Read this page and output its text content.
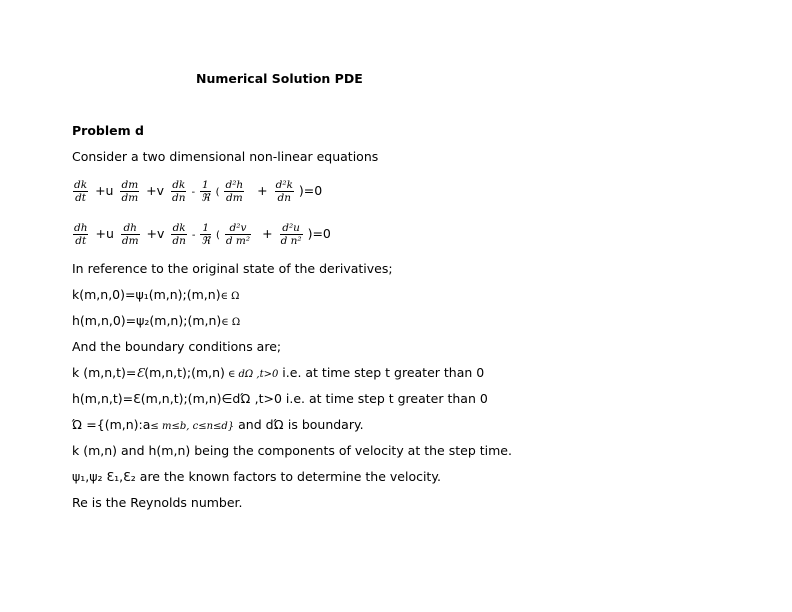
Numerical Solution PDE
Problem d
Consider a two dimensional non-linear equations
$\frac{dk}{dt} +u \frac{dm}{dm} +v \frac{dk}{dn} - \frac{1}{\text{ℜ}}$ ( $\frac{\text{d²h}}{dm} + \frac{\text{d²k}}{dn} )=0$
$\frac{dh}{dt} +u \frac{dh}{dm} +v \frac{dk}{dn} - \frac{1}{\text{ℜ}}$ ( $\frac{\text{d²v}}{\text{d m²}} + \frac{\text{d²u}}{\text{d n²}} )=0$
In reference to the original state of the derivatives;
k(m,n,0)=ψ₁(m,n);(m,n)∈ Ω
h(m,n,0)=ψ₂(m,n);(m,n)∈ Ω
And the boundary conditions are;
k (m,n,t)=Ɛ(m,n,t);(m,n) ∈ dΩ ,t>0 i.e. at time step t greater than 0
h(m,n,t)=Ɛ(m,n,t);(m,n)∈dΏ ,t>0 i.e. at time step t greater than 0
Ώ ={(m,n):a≤ m≤b, c≤n≤d} and dΏ is boundary.
k (m,n) and h(m,n) being the components of velocity at the step time.
ψ₁,ψ₂ Ɛ₁,Ɛ₂ are the known factors to determine the velocity.
Re is the Reynolds number.
